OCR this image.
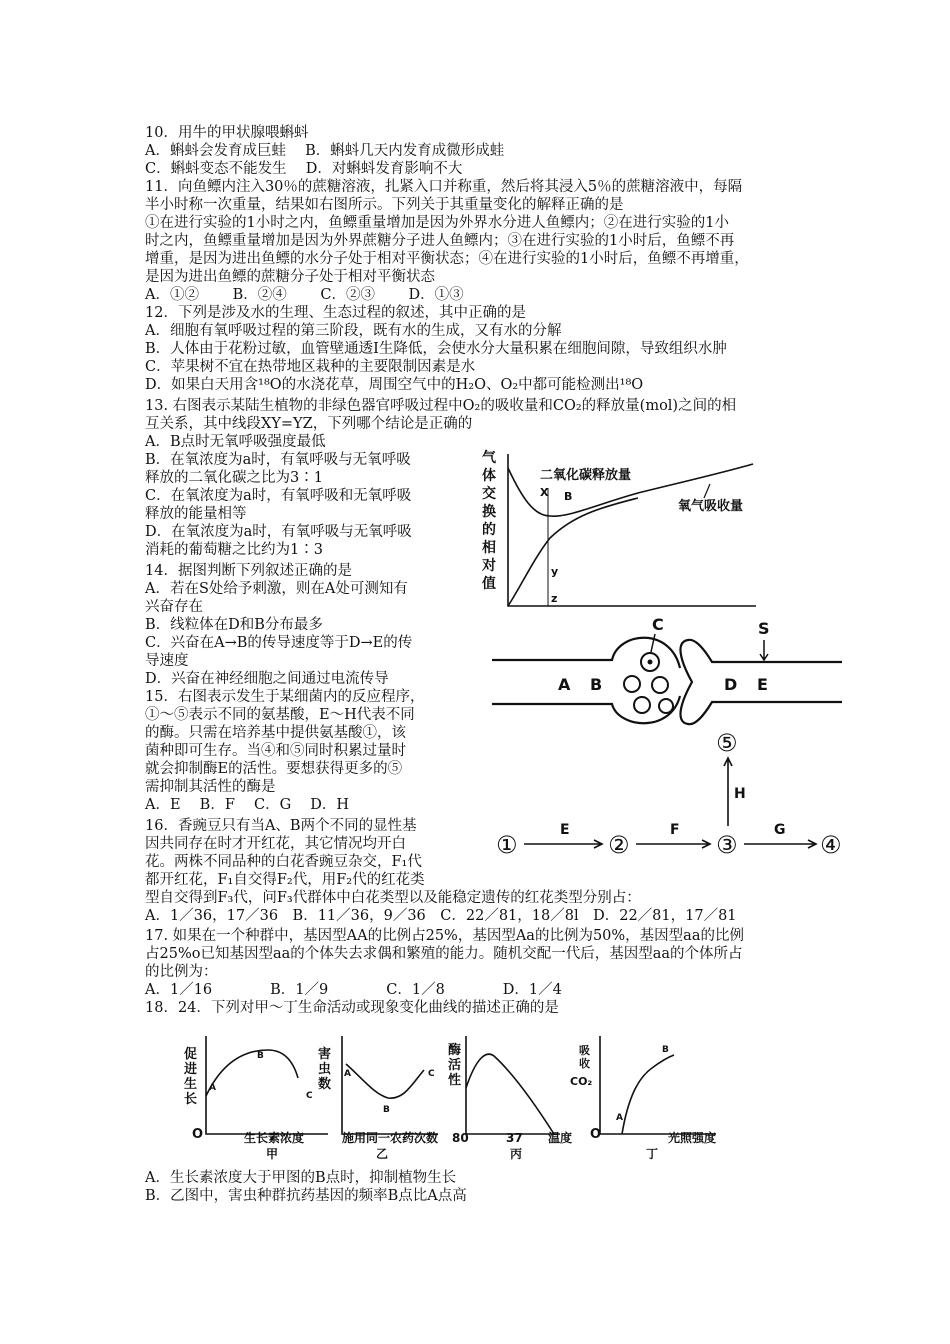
10．用牛的甲状腺喂蝌蚪
A．蝌蚪会发育成巨蛙　 B．蝌蚪几天内发育成微形成蛙
C．蝌蚪变态不能发生　 D．对蝌蚪发育影响不大
11．向鱼鳔内注入30％的蔗糖溶液，扎紧入口并称重，然后将其浸入5％的蔗糖溶液中，每隔
半小时称一次重量，结果如右图所示。下列关于其重量变化的解释正确的是
①在进行实验的1小时之内，鱼鳔重量增加是因为外界水分进人鱼鳔内；②在进行实验的1小
时之内，鱼鳔重量增加是因为外界蔗糖分子进人鱼鳔内；③在进行实验的1小时后，鱼鳔不再
增重，是因为进出鱼鳔的水分子处于相对平衡状态；④在进行实验的1小时后，鱼鳔不再增重，
是因为进出鱼鳔的蔗糖分子处于相对平衡状态
A．①②　　 B．②④　　 C．②③　　 D．①③
12．下列是涉及水的生理、生态过程的叙述，其中正确的是
A．细胞有氧呼吸过程的第三阶段，既有水的生成，又有水的分解
B．人体由于花粉过敏，血管壁通透I生降低，会使水分大量积累在细胞间隙，导致组织水肿
C．苹果树不宜在热带地区栽种的主要限制因素是水
D．如果白天用含¹⁸O的水浇花草，周围空气中的H₂O、O₂中都可能检测出¹⁸O
13. 右图表示某陆生植物的非绿色器官呼吸过程中O₂的吸收量和CO₂的释放量(mol)之间的相
互关系，其中线段XY=YZ，下列哪个结论是正确的
A．B点时无氧呼吸强度最低
B．在氧浓度为a时，有氧呼吸与无氧呼吸
释放的二氧化碳之比为3∶1
C．在氧浓度为a时，有氧呼吸和无氧呼吸
释放的能量相等
D．在氧浓度为a时，有氧呼吸与无氧呼吸
消耗的葡萄糖之比约为1∶3
14．据图判断下列叙述正确的是
A．若在S处给予刺激，则在A处可测知有
兴奋存在
B．线粒体在D和B分布最多
C．兴奋在A→B的传导速度等于D→E的传
导速度
D．兴奋在神经细胞之间通过电流传导
15．右图表示发生于某细菌内的反应程序，
①～⑤表示不同的氨基酸，E～H代表不同
的酶。只需在培养基中提供氨基酸①，该
菌种即可生存。当④和⑤同时积累过量时
就会抑制酶E的活性。要想获得更多的⑤
需抑制其活性的酶是
A．E　 B．F　 C．G　 D．H
16．香豌豆只有当A、B两个不同的显性基
因共同存在时才开红花，其它情况均开白
花。两株不同品种的白花香豌豆杂交，F₁代
都开红花，F₁自交得F₂代，用F₂代的红花类
型自交得到F₃代，问F₃代群体中白花类型以及能稳定遗传的红花类型分别占：
A．1／36，17／36　B．11／36，9／36　C．22／81，18／8l　D．22／81，17／81
17. 如果在一个种群中，基因型AA的比例占25%，基因型Aa的比例为50%，基因型aa的比例
占25%o已知基因型aa的个体失去求偶和繁殖的能力。随机交配一代后，基因型aa的个体所占
的比例为：
A．1／16　　　　B．1／9　　　　C．1／8　　　　D．1／4
18．24．下列对甲～丁生命活动或现象变化曲线的描述正确的是
A．生长素浓度大于甲图的B点时，抑制植物生长
B．乙图中，害虫种群抗药基因的频率B点比A点高
气
体
交
换
的
相
对
值
二氧化碳释放量
氧气吸收量
X B
y
z
C	S
A B	D E
①	②	③	④
⑤
E	F	G
H
促
进
生
长
O	生长素浓度
甲
A
B
C
害
虫
数
施用同一农药次数
乙
A
B
C
酶
活
性
80	37 温度
丙
吸
收
CO₂
O	光照强度
丁
A
B
